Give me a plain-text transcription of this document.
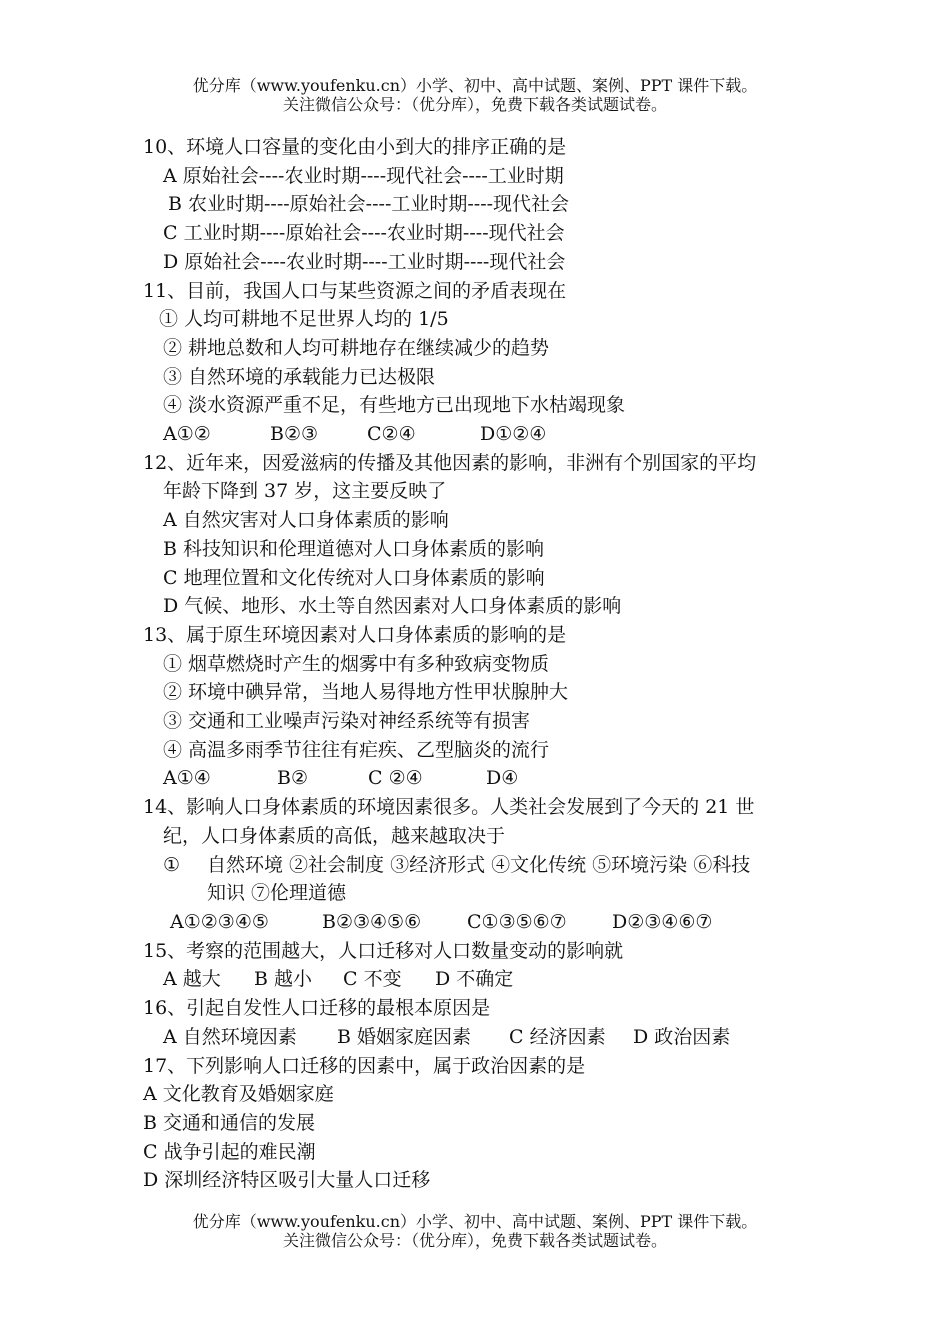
优分库（www.youfenku.cn）小学、初中、高中试题、案例、PPT 课件下载。
关注微信公众号：（优分库），免费下载各类试题试卷。
10、环境人口容量的变化由小到大的排序正确的是
A 原始社会----农业时期----现代社会----工业时期
B 农业时期----原始社会----工业时期----现代社会
C 工业时期----原始社会----农业时期----现代社会
D 原始社会----农业时期----工业时期----现代社会
11、目前，我国人口与某些资源之间的矛盾表现在
① 人均可耕地不足世界人均的 1/5
② 耕地总数和人均可耕地存在继续减少的趋势
③ 自然环境的承载能力已达极限
④ 淡水资源严重不足，有些地方已出现地下水枯竭现象
A①②	B②③	C②④	D①②④
12、近年来，因爱滋病的传播及其他因素的影响，非洲有个别国家的平均
年龄下降到 37 岁，这主要反映了
A 自然灾害对人口身体素质的影响
B 科技知识和伦理道德对人口身体素质的影响
C 地理位置和文化传统对人口身体素质的影响
D 气候、地形、水土等自然因素对人口身体素质的影响
13、属于原生环境因素对人口身体素质的影响的是
① 烟草燃烧时产生的烟雾中有多种致病变物质
② 环境中碘异常，当地人易得地方性甲状腺肿大
③ 交通和工业噪声污染对神经系统等有损害
④ 高温多雨季节往往有疟疾、乙型脑炎的流行
A①④	B②	C ②④	D④
14、影响人口身体素质的环境因素很多。人类社会发展到了今天的 21 世
纪，人口身体素质的高低，越来越取决于
① 自然环境 ②社会制度 ③经济形式 ④文化传统 ⑤环境污染 ⑥科技
知识 ⑦伦理道德
A①②③④⑤	B②③④⑤⑥ C①③⑤⑥⑦ D②③④⑥⑦
15、考察的范围越大，人口迁移对人口数量变动的影响就
A 越大 B 越小 C 不变 D 不确定
16、引起自发性人口迁移的最根本原因是
A 自然环境因素 B 婚姻家庭因素 C 经济因素 D 政治因素
17、下列影响人口迁移的因素中，属于政治因素的是
A 文化教育及婚姻家庭
B 交通和通信的发展
C 战争引起的难民潮
D 深圳经济特区吸引大量人口迁移
优分库（www.youfenku.cn）小学、初中、高中试题、案例、PPT 课件下载。
关注微信公众号：（优分库），免费下载各类试题试卷。
